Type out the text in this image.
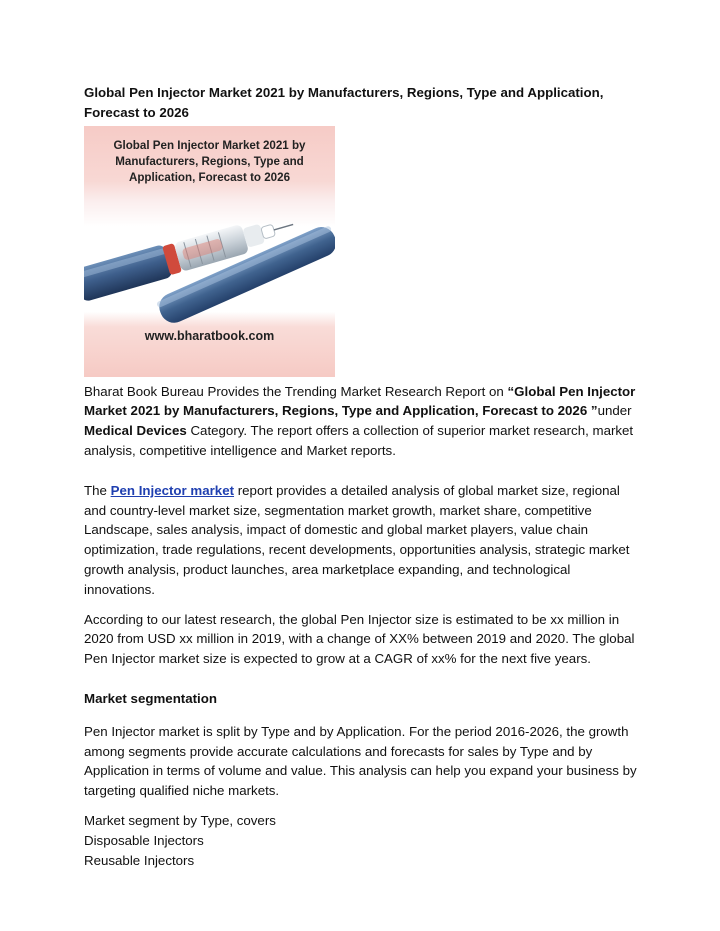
Global Pen Injector Market 2021 by Manufacturers, Regions, Type and Application, Forecast to 2026

Global Pen Injector Market 2021 by Manufacturers, Regions, Type and Application, Forecast to 2026
www.bharatbook.com

Bharat Book Bureau Provides the Trending Market Research Report on “Global Pen Injector Market 2021 by Manufacturers, Regions, Type and Application, Forecast to 2026 ”under Medical Devices Category. The report offers a collection of superior market research, market analysis, competitive intelligence and Market reports.

The Pen Injector market report provides a detailed analysis of global market size, regional and country-level market size, segmentation market growth, market share, competitive Landscape, sales analysis, impact of domestic and global market players, value chain optimization, trade regulations, recent developments, opportunities analysis, strategic market growth analysis, product launches, area marketplace expanding, and technological innovations.

According to our latest research, the global Pen Injector size is estimated to be xx million in 2020 from USD xx million in 2019, with a change of XX% between 2019 and 2020. The global Pen Injector market size is expected to grow at a CAGR of xx% for the next five years.

Market segmentation

Pen Injector market is split by Type and by Application. For the period 2016-2026, the growth among segments provide accurate calculations and forecasts for sales by Type and by Application in terms of volume and value. This analysis can help you expand your business by targeting qualified niche markets.

Market segment by Type, covers

Disposable Injectors

Reusable Injectors
